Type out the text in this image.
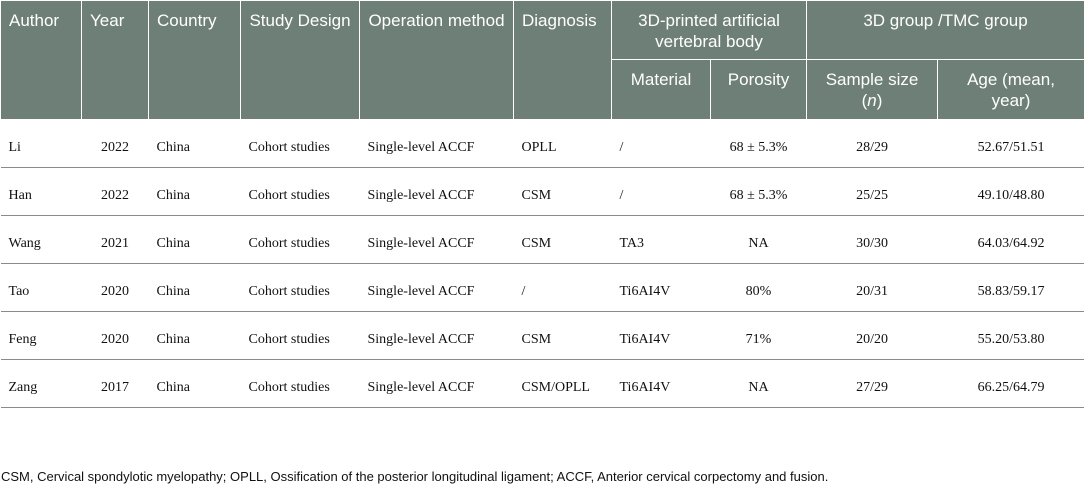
Author	Year	Country	Study Design	Operation method	Diagnosis	3D-printed artificial vertebral body		3D group /TMC group	

						Material	Porosity	Sample size (n)	Age (mean, year)

Li	2022	China	Cohort studies	Single-level ACCF	OPLL	/	68 ± 5.3%	28/29	52.67/51.51

Han	2022	China	Cohort studies	Single-level ACCF	CSM	/	68 ± 5.3%	25/25	49.10/48.80

Wang	2021	China	Cohort studies	Single-level ACCF	CSM	TA3	NA	30/30	64.03/64.92

Tao	2020	China	Cohort studies	Single-level ACCF	/	Ti6AI4V	80%	20/31	58.83/59.17

Feng	2020	China	Cohort studies	Single-level ACCF	CSM	Ti6AI4V	71%	20/20	55.20/53.80

Zang	2017	China	Cohort studies	Single-level ACCF	CSM/OPLL	Ti6AI4V	NA	27/29	66.25/64.79
CSM, Cervical spondylotic myelopathy; OPLL, Ossification of the posterior longitudinal ligament; ACCF, Anterior cervical corpectomy and fusion.
